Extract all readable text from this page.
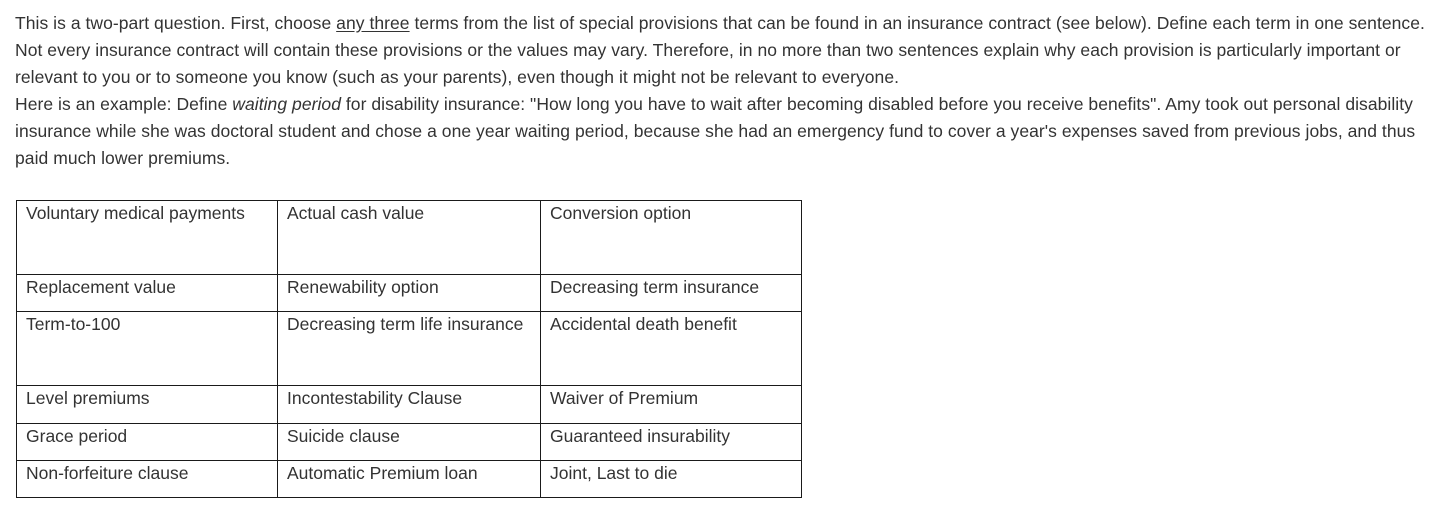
This is a two-part question. First, choose any three terms from the list of special provisions that can be found in an insurance contract (see below). Define each term in one sentence. Not every insurance contract will contain these provisions or the values may vary. Therefore, in no more than two sentences explain why each provision is particularly important or relevant to you or to someone you know (such as your parents), even though it might not be relevant to everyone.

Here is an example: Define waiting period for disability insurance: "How long you have to wait after becoming disabled before you receive benefits". Amy took out personal disability insurance while she was doctoral student and chose a one year waiting period, because she had an emergency fund to cover a year's expenses saved from previous jobs, and thus paid much lower premiums.

Voluntary medical payments	Actual cash value	Conversion option
Replacement value	Renewability option	Decreasing term insurance
Term-to-100	Decreasing term life insurance	Accidental death benefit
Level premiums	Incontestability Clause	Waiver of Premium
Grace period	Suicide clause	Guaranteed insurability
Non-forfeiture clause	Automatic Premium loan	Joint, Last to die
